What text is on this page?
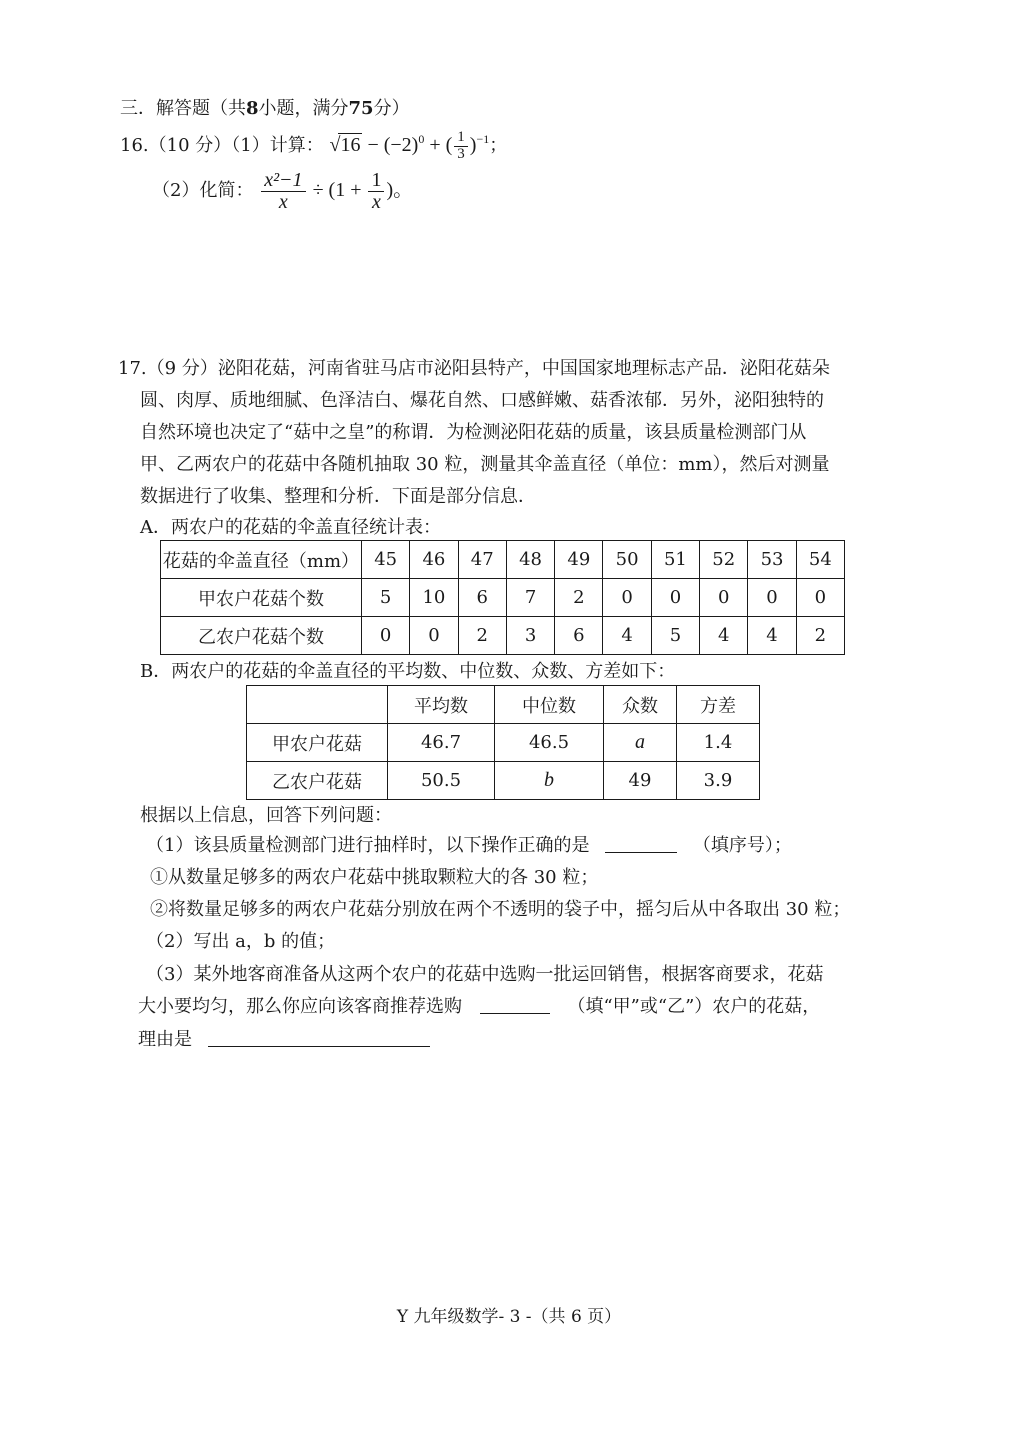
三．解答题（共8小题，满分75分）
16.（10 分）（1）计算： $√16 - (-2)^0$ + ( $\frac{1}{3} )^{-1}$；
（2）化简： $\frac{\text{x²−1}}{x} \div (1 + \frac{1}{x}$ )。
17.（9 分）泌阳花菇，河南省驻马店市泌阳县特产，中国国家地理标志产品．泌阳花菇朵
圆、肉厚、质地细腻、色泽洁白、爆花自然、口感鲜嫩、菇香浓郁．另外，泌阳独特的
自然环境也决定了“菇中之皇”的称谓．为检测泌阳花菇的质量，该县质量检测部门从
甲、乙两农户的花菇中各随机抽取 30 粒，测量其伞盖直径（单位：mm），然后对测量
数据进行了收集、整理和分析．下面是部分信息．
A．两农户的花菇的伞盖直径统计表：
花菇的伞盖直径（mm）	45	46	47	48	49	50	51	52	53	54
甲农户花菇个数	5	10	6	7	2	0	0	0	0	0
乙农户花菇个数	0	0	2	3	6	4	5	4	4	2
B．两农户的花菇的伞盖直径的平均数、中位数、众数、方差如下：
	平均数	中位数	众数	方差
甲农户花菇	46.7	46.5	a	1.4
乙农户花菇	50.5	b	49	3.9
根据以上信息，回答下列问题：
（1）该县质量检测部门进行抽样时，以下操作正确的是	（填序号）；
①从数量足够多的两农户花菇中挑取颗粒大的各 30 粒；
②将数量足够多的两农户花菇分别放在两个不透明的袋子中，摇匀后从中各取出 30 粒；
（2）写出 a，b 的值；
（3）某外地客商准备从这两个农户的花菇中选购一批运回销售，根据客商要求，花菇
大小要均匀，那么你应向该客商推荐选购	（填“甲”或“乙”）农户的花菇，
理由是
Y 九年级数学- 3 -（共 6 页）
